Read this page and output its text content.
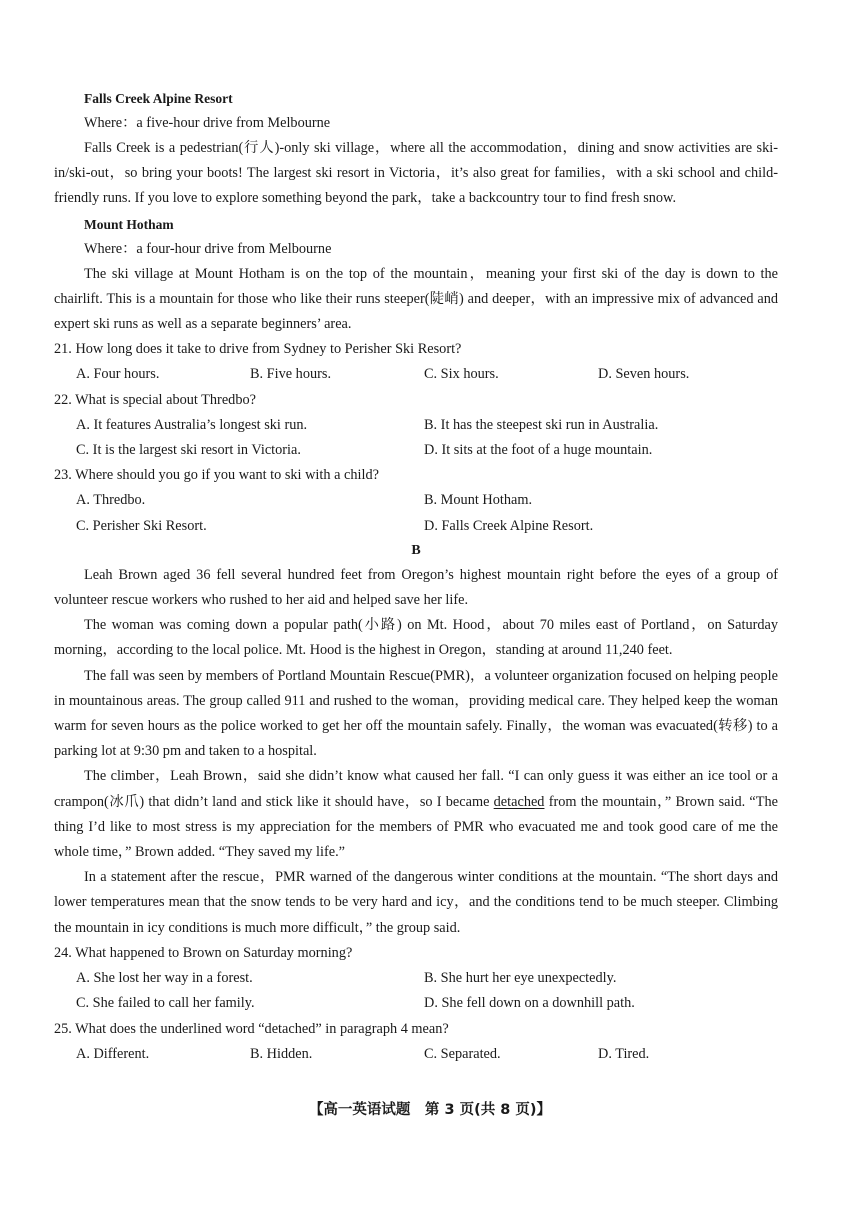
Falls Creek Alpine Resort

Where：a five-hour drive from Melbourne

Falls Creek is a pedestrian(行人)-only ski village，where all the accommodation，dining and snow activities are ski-in/ski-out，so bring your boots! The largest ski resort in Victoria，it’s also great for families，with a ski school and child-friendly runs. If you love to explore something beyond the park，take a backcountry tour to find fresh snow.

Mount Hotham

Where：a four-hour drive from Melbourne

The ski village at Mount Hotham is on the top of the mountain，meaning your first ski of the day is down to the chairlift. This is a mountain for those who like their runs steeper(陡峭) and deeper，with an impressive mix of advanced and expert ski runs as well as a separate beginners’ area.

21. How long does it take to drive from Sydney to Perisher Ski Resort?

A. Four hours.	B. Five hours.	C. Six hours.	D. Seven hours.

22. What is special about Thredbo?

A. It features Australia’s longest ski run.	B. It has the steepest ski run in Australia.
C. It is the largest ski resort in Victoria.	D. It sits at the foot of a huge mountain.

23. Where should you go if you want to ski with a child?

A. Thredbo.	B. Mount Hotham.
C. Perisher Ski Resort.	D. Falls Creek Alpine Resort.
B

Leah Brown aged 36 fell several hundred feet from Oregon’s highest mountain right before the eyes of a group of volunteer rescue workers who rushed to her aid and helped save her life.

The woman was coming down a popular path(小路) on Mt. Hood，about 70 miles east of Portland，on Saturday morning，according to the local police. Mt. Hood is the highest in Oregon，standing at around 11,240 feet.

The fall was seen by members of Portland Mountain Rescue(PMR)，a volunteer organization focused on helping people in mountainous areas. The group called 911 and rushed to the woman，providing medical care. They helped keep the woman warm for seven hours as the police worked to get her off the mountain safely. Finally，the woman was evacuated(转移) to a parking lot at 9:30 pm and taken to a hospital.

The climber，Leah Brown，said she didn’t know what caused her fall. “I can only guess it was either an ice tool or a crampon(冰爪) that didn’t land and stick like it should have，so I became detached from the mountain，” Brown said. “The thing I’d like to most stress is my appreciation for the members of PMR who evacuated me and took good care of me the whole time，” Brown added. “They saved my life.”

In a statement after the rescue，PMR warned of the dangerous winter conditions at the mountain. “The short days and lower temperatures mean that the snow tends to be very hard and icy，and the conditions tend to be much steeper. Climbing the mountain in icy conditions is much more difficult，” the group said.

24. What happened to Brown on Saturday morning?

A. She lost her way in a forest.	B. She hurt her eye unexpectedly.
C. She failed to call her family.	D. She fell down on a downhill path.

25. What does the underlined word “detached” in paragraph 4 mean?

A. Different.	B. Hidden.	C. Separated.	D. Tired.
【高一英语试题　第 3 页(共 8 页)】
